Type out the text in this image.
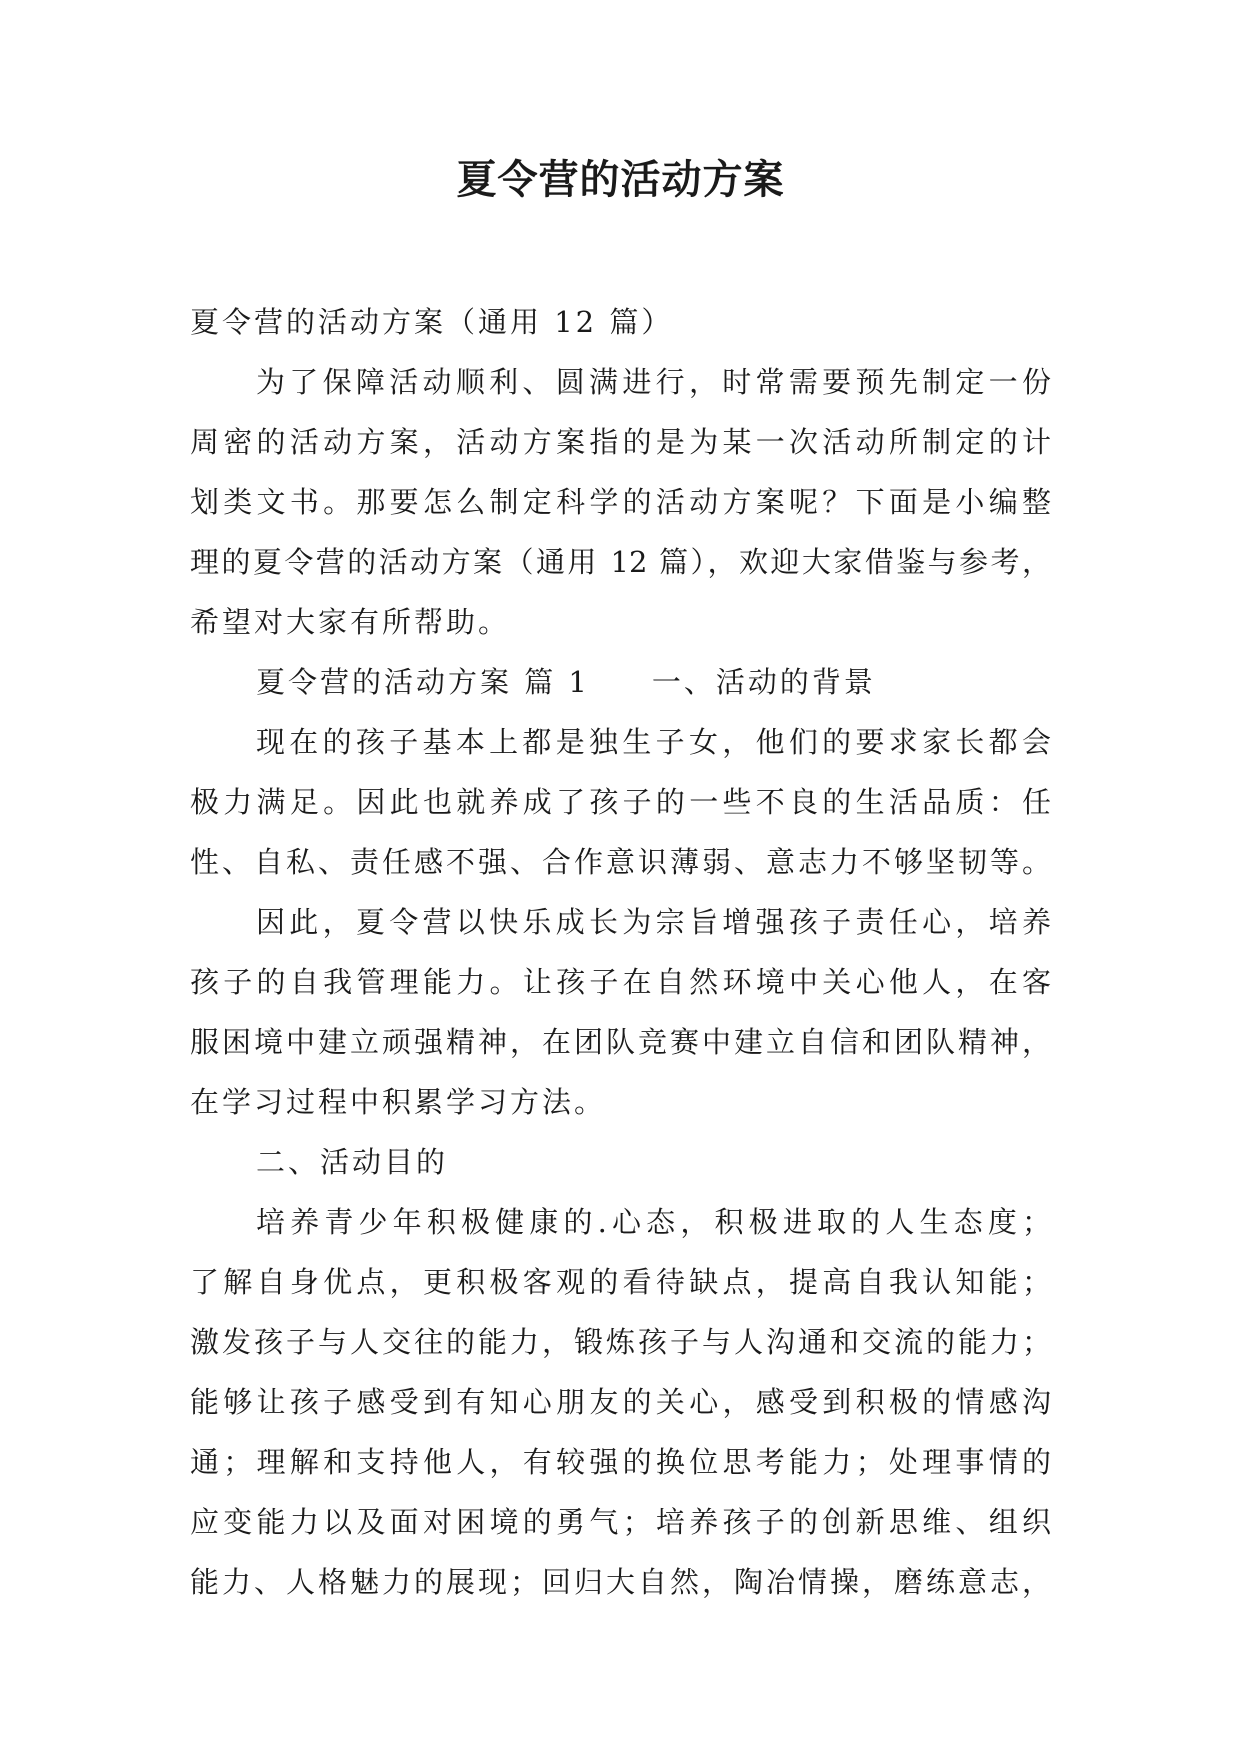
夏令营的活动方案
夏令营的活动方案（通用 12 篇）
为了保障活动顺利、圆满进行，时常需要预先制定一份
周密的活动方案，活动方案指的是为某一次活动所制定的计
划类文书。那要怎么制定科学的活动方案呢？下面是小编整
理的夏令营的活动方案（通用 12 篇），欢迎大家借鉴与参考，
希望对大家有所帮助。
夏令营的活动方案 篇 1 一、活动的背景
现在的孩子基本上都是独生子女，他们的要求家长都会
极力满足。因此也就养成了孩子的一些不良的生活品质：任
性、自私、责任感不强、合作意识薄弱、意志力不够坚韧等。
因此，夏令营以快乐成长为宗旨增强孩子责任心，培养
孩子的自我管理能力。让孩子在自然环境中关心他人，在客
服困境中建立顽强精神，在团队竞赛中建立自信和团队精神，
在学习过程中积累学习方法。
二、活动目的
培养青少年积极健康的.心态，积极进取的人生态度；
了解自身优点，更积极客观的看待缺点，提高自我认知能；
激发孩子与人交往的能力，锻炼孩子与人沟通和交流的能力；
能够让孩子感受到有知心朋友的关心，感受到积极的情感沟
通；理解和支持他人，有较强的换位思考能力；处理事情的
应变能力以及面对困境的勇气；培养孩子的创新思维、组织
能力、人格魅力的展现；回归大自然，陶冶情操，磨练意志，
